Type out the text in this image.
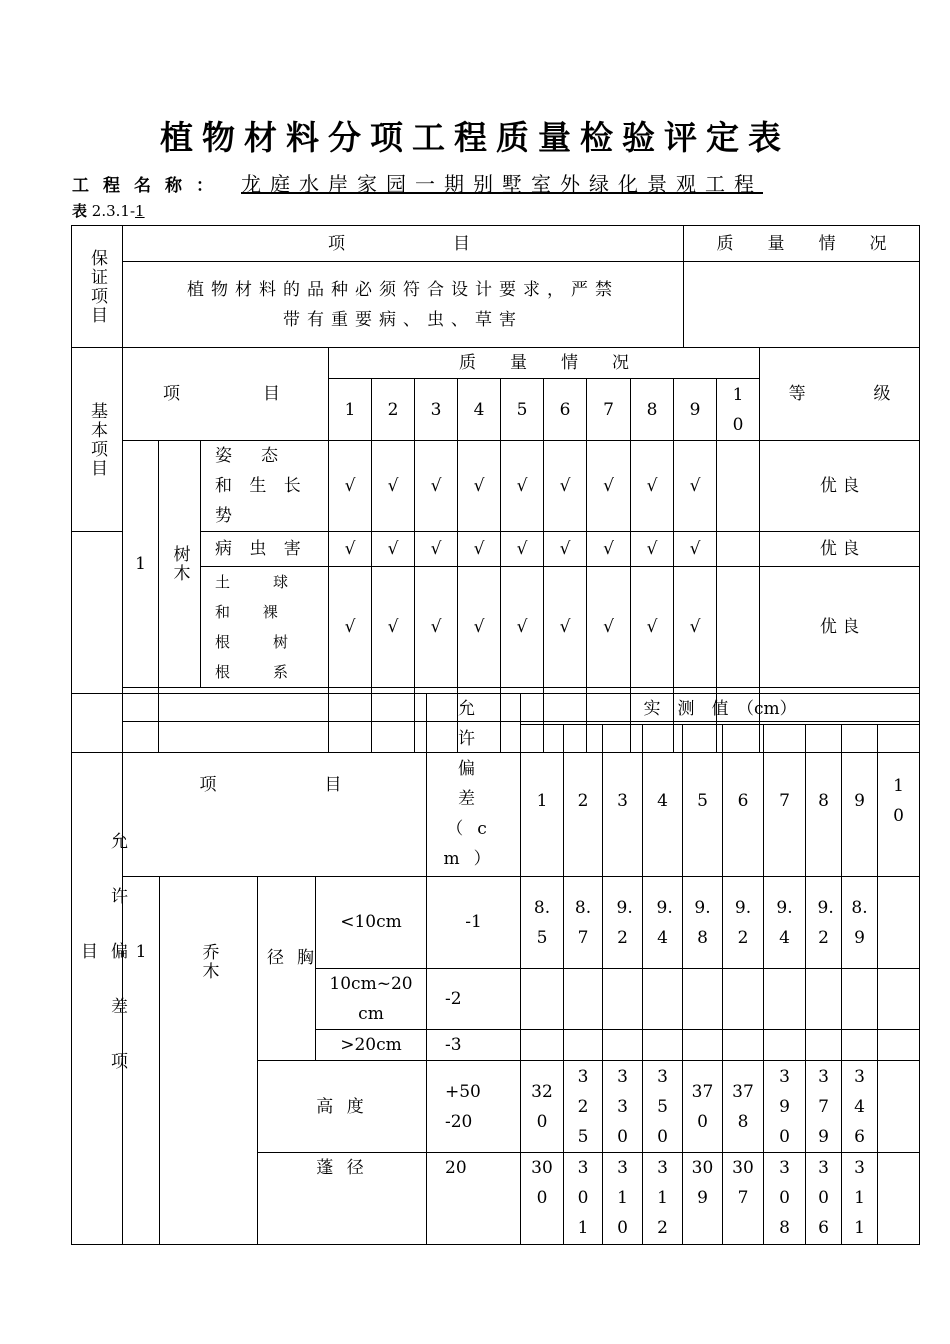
植物材料分项工程质量检验评定表
工程名称： 龙庭水岸家园一期别墅室外绿化景观工程
表 2.3.1-1
保证项目	项　　　　目	质　　量　　情　　况

	植物材料的品种必须符合设计要求，严禁
带有重要病、虫、草害	

基本项目	项　　　目			质　　量　　情　　况										等　　　　级
				1	2	3	4	5	6	7	8	9	10	

	1	树木	姿　态　和 生 长 势	√	√	√	√	√	√	√	√	√		优 良
			病 虫 害	√	√	√	√	√	√	√	√	√		优 良
			土　球　和 裸　根　树 根　系	√	√	√	√	√	√	√	√	√		优 良

允许偏差项目	项　　　　目				允 许 偏 差 （cm）	实　测　值　（cm）									
						1	2	3	4	5	6	7	8	9	10

	1	乔木	胸径	<10cm	-1	8.5	8.7	9.2	9.4	9.8	9.2	9.4	9.2	8.9	

				10cm~20cm	-2										
				>20cm	-3										
			高 度		+50 -20	320	325	330	350	370	378	390	379	346	

			蓬 径		20	300	301	310	312	309	307	308	306	311	
